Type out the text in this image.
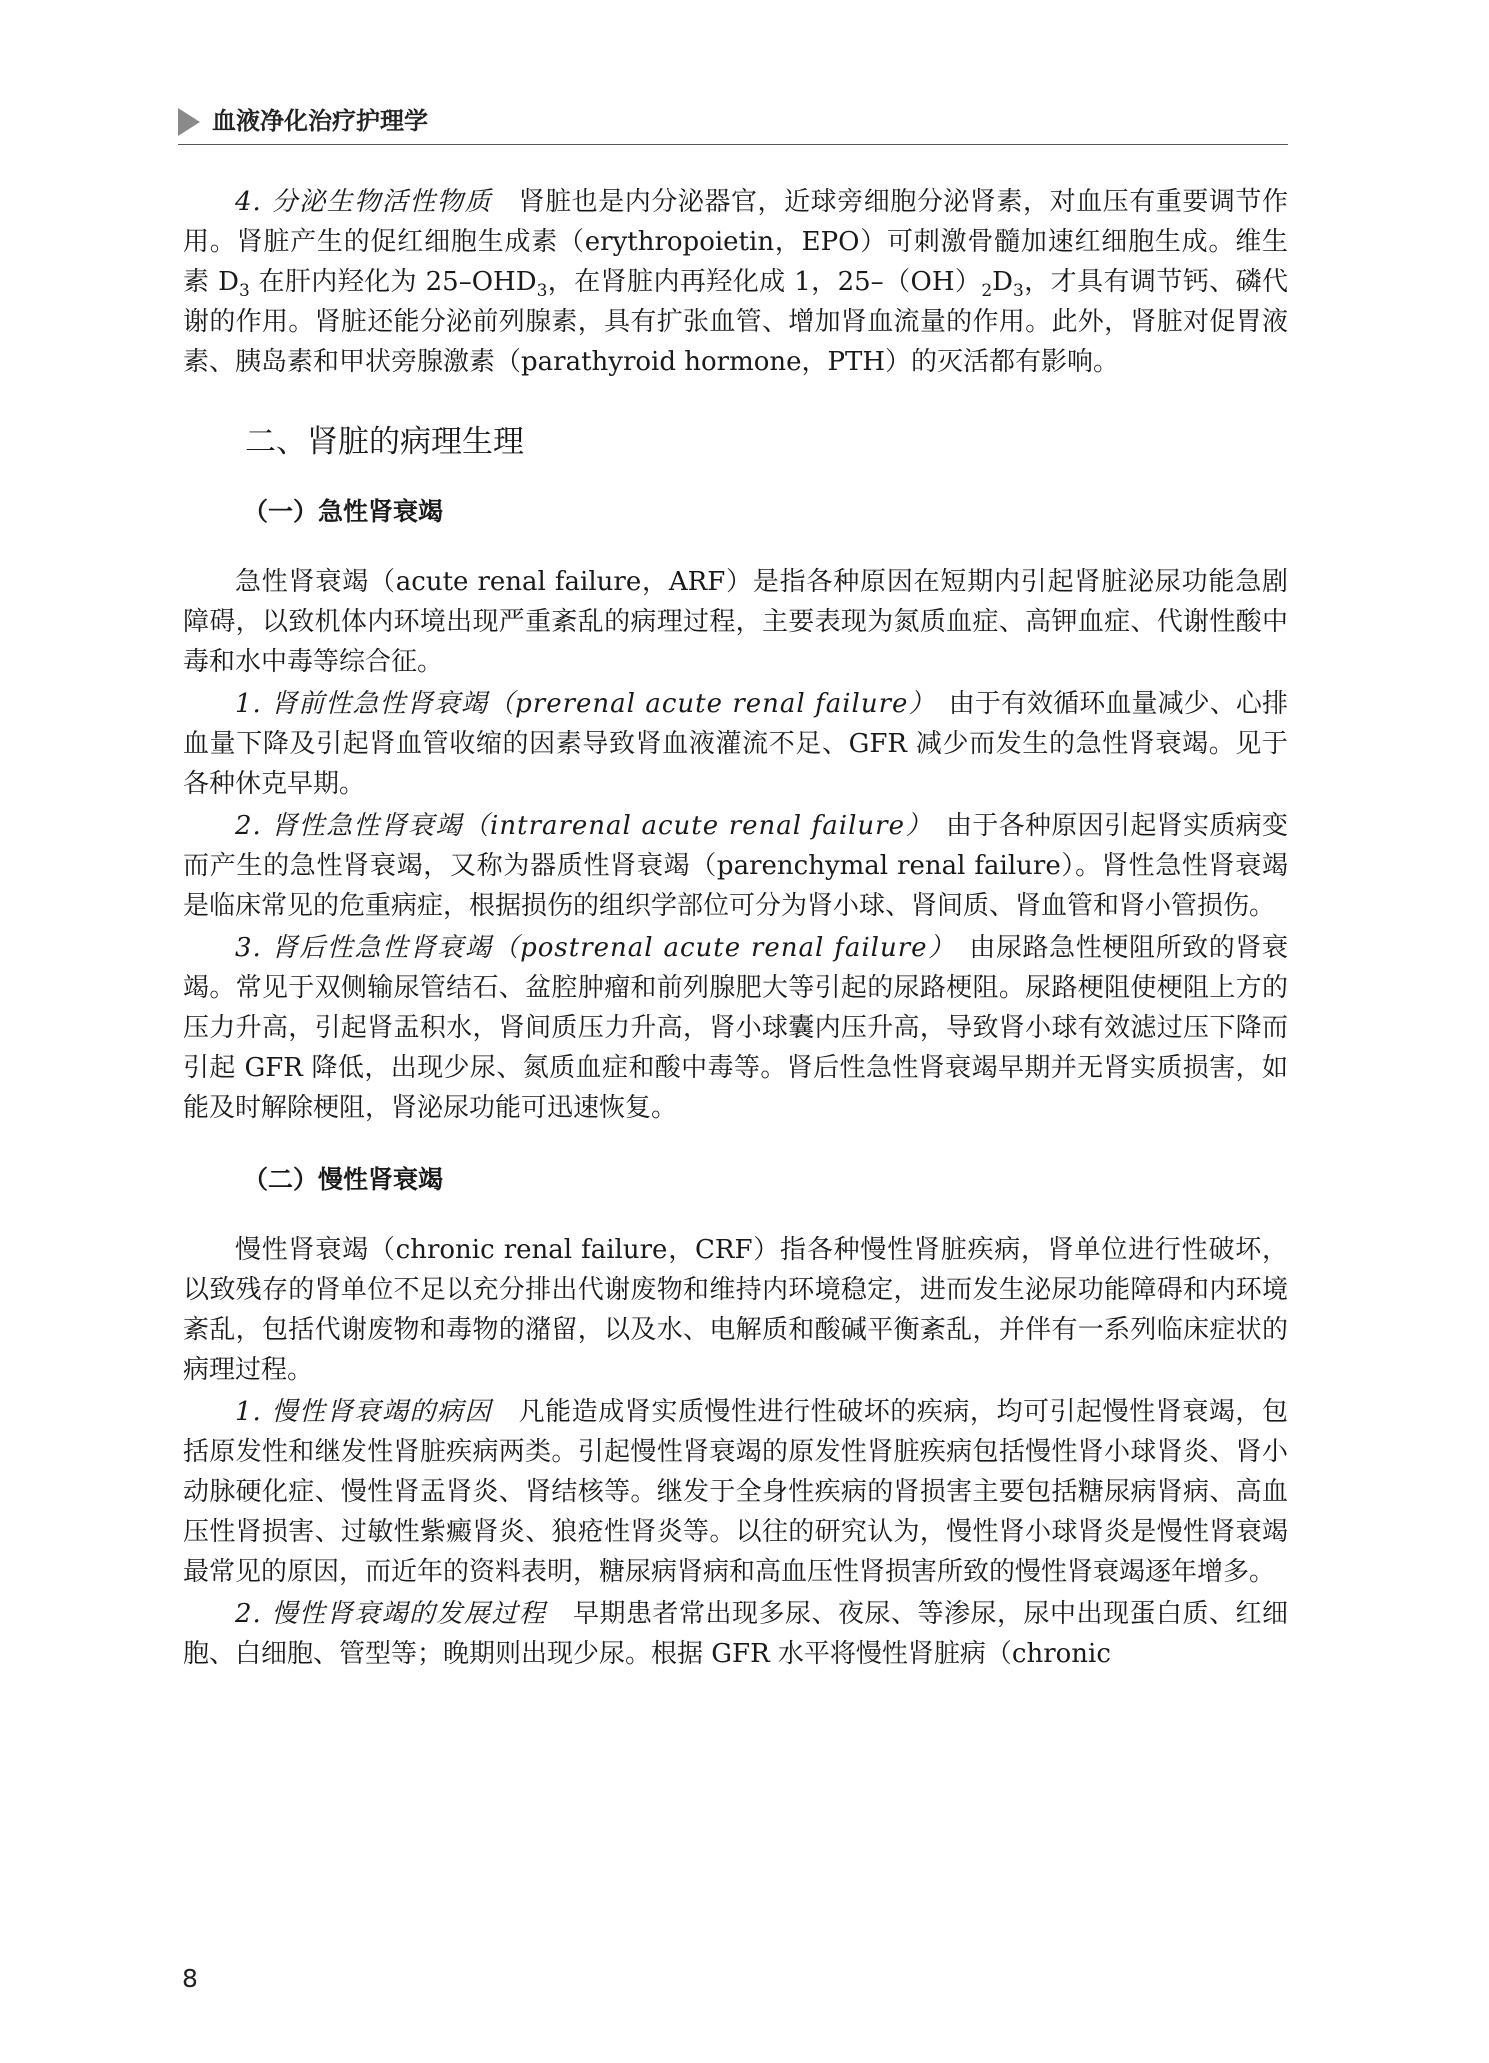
血液净化治疗护理学

4. 分泌生物活性物质　肾脏也是内分泌器官，近球旁细胞分泌肾素，对血压有重要调节作用。肾脏产生的促红细胞生成素（erythropoietin，EPO）可刺激骨髓加速红细胞生成。维生素 $D_3$ 在肝内羟化为 $25-OHD_3$，在肾脏内再羟化成 1，$25-(OH)_2D_3$，才具有调节钙、磷代谢的作用。肾脏还能分泌前列腺素，具有扩张血管、增加肾血流量的作用。此外，肾脏对促胃液素、胰岛素和甲状旁腺激素（parathyroid hormone，PTH）的灭活都有影响。

二、肾脏的病理生理
（一）急性肾衰竭

急性肾衰竭（acute renal failure，ARF）是指各种原因在短期内引起肾脏泌尿功能急剧障碍，以致机体内环境出现严重紊乱的病理过程，主要表现为氮质血症、高钾血症、代谢性酸中毒和水中毒等综合征。

1. 肾前性急性肾衰竭（prerenal acute renal failure）　由于有效循环血量减少、心排血量下降及引起肾血管收缩的因素导致肾血液灌流不足、GFR 减少而发生的急性肾衰竭。见于各种休克早期。

2. 肾性急性肾衰竭（intrarenal acute renal failure）　由于各种原因引起肾实质病变而产生的急性肾衰竭，又称为器质性肾衰竭（parenchymal renal failure）。肾性急性肾衰竭是临床常见的危重病症，根据损伤的组织学部位可分为肾小球、肾间质、肾血管和肾小管损伤。

3. 肾后性急性肾衰竭（postrenal acute renal failure）　由尿路急性梗阻所致的肾衰竭。常见于双侧输尿管结石、盆腔肿瘤和前列腺肥大等引起的尿路梗阻。尿路梗阻使梗阻上方的压力升高，引起肾盂积水，肾间质压力升高，肾小球囊内压升高，导致肾小球有效滤过压下降而引起 GFR 降低，出现少尿、氮质血症和酸中毒等。肾后性急性肾衰竭早期并无肾实质损害，如能及时解除梗阻，肾泌尿功能可迅速恢复。

（二）慢性肾衰竭

慢性肾衰竭（chronic renal failure，CRF）指各种慢性肾脏疾病，肾单位进行性破坏，以致残存的肾单位不足以充分排出代谢废物和维持内环境稳定，进而发生泌尿功能障碍和内环境紊乱，包括代谢废物和毒物的潴留，以及水、电解质和酸碱平衡紊乱，并伴有一系列临床症状的病理过程。

1. 慢性肾衰竭的病因　凡能造成肾实质慢性进行性破坏的疾病，均可引起慢性肾衰竭，包括原发性和继发性肾脏疾病两类。引起慢性肾衰竭的原发性肾脏疾病包括慢性肾小球肾炎、肾小动脉硬化症、慢性肾盂肾炎、肾结核等。继发于全身性疾病的肾损害主要包括糖尿病肾病、高血压性肾损害、过敏性紫癜肾炎、狼疮性肾炎等。以往的研究认为，慢性肾小球肾炎是慢性肾衰竭最常见的原因，而近年的资料表明，糖尿病肾病和高血压性肾损害所致的慢性肾衰竭逐年增多。

2. 慢性肾衰竭的发展过程　早期患者常出现多尿、夜尿、等渗尿，尿中出现蛋白质、红细胞、白细胞、管型等；晚期则出现少尿。根据 GFR 水平将慢性肾脏病（chronic

8
